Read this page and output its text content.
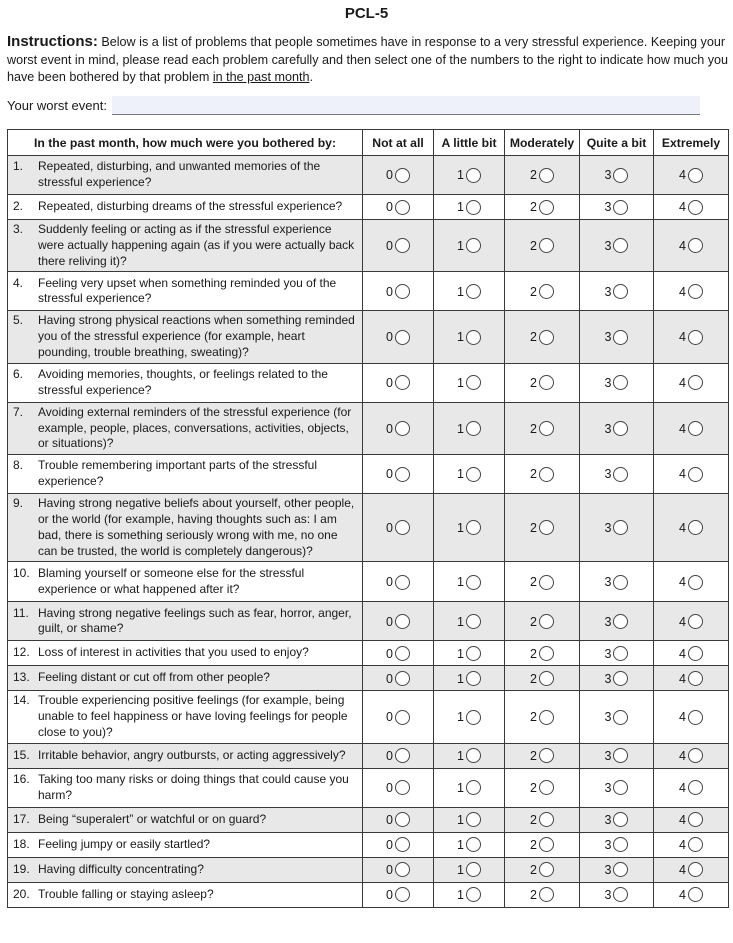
PCL-5
Instructions: Below is a list of problems that people sometimes have in response to a very stressful experience. Keeping your worst event in mind, please read each problem carefully and then select one of the numbers to the right to indicate how much you have been bothered by that problem in the past month.
Your worst event:
In the past month, how much were you bothered by:	Not at all	A little bit	Moderately	Quite a bit	Extremely

1. Repeated, disturbing, and unwanted memories of the stressful experience?	0	1	2	3	4

2. Repeated, disturbing dreams of the stressful experience?	0	1	2	3	4

3. Suddenly feeling or acting as if the stressful experience were actually happening again (as if you were actually back there reliving it)?	0	1	2	3	4

4. Feeling very upset when something reminded you of the stressful experience?	0	1	2	3	4

5. Having strong physical reactions when something reminded you of the stressful experience (for example, heart pounding, trouble breathing, sweating)?	0	1	2	3	4

6. Avoiding memories, thoughts, or feelings related to the stressful experience?	0	1	2	3	4

7. Avoiding external reminders of the stressful experience (for example, people, places, conversations, activities, objects, or situations)?	0	1	2	3	4

8. Trouble remembering important parts of the stressful experience?	0	1	2	3	4

9. Having strong negative beliefs about yourself, other people, or the world (for example, having thoughts such as: I am bad, there is something seriously wrong with me, no one can be trusted, the world is completely dangerous)?	0	1	2	3	4

10. Blaming yourself or someone else for the stressful experience or what happened after it?	0	1	2	3	4

11. Having strong negative feelings such as fear, horror, anger, guilt, or shame?	0	1	2	3	4

12. Loss of interest in activities that you used to enjoy?	0	1	2	3	4

13. Feeling distant or cut off from other people?	0	1	2	3	4

14. Trouble experiencing positive feelings (for example, being unable to feel happiness or have loving feelings for people close to you)?	0	1	2	3	4

15. Irritable behavior, angry outbursts, or acting aggressively?	0	1	2	3	4

16. Taking too many risks or doing things that could cause you harm?	0	1	2	3	4

17. Being “superalert” or watchful or on guard?	0	1	2	3	4

18. Feeling jumpy or easily startled?	0	1	2	3	4

19. Having difficulty concentrating?	0	1	2	3	4

20. Trouble falling or staying asleep?	0	1	2	3	4
